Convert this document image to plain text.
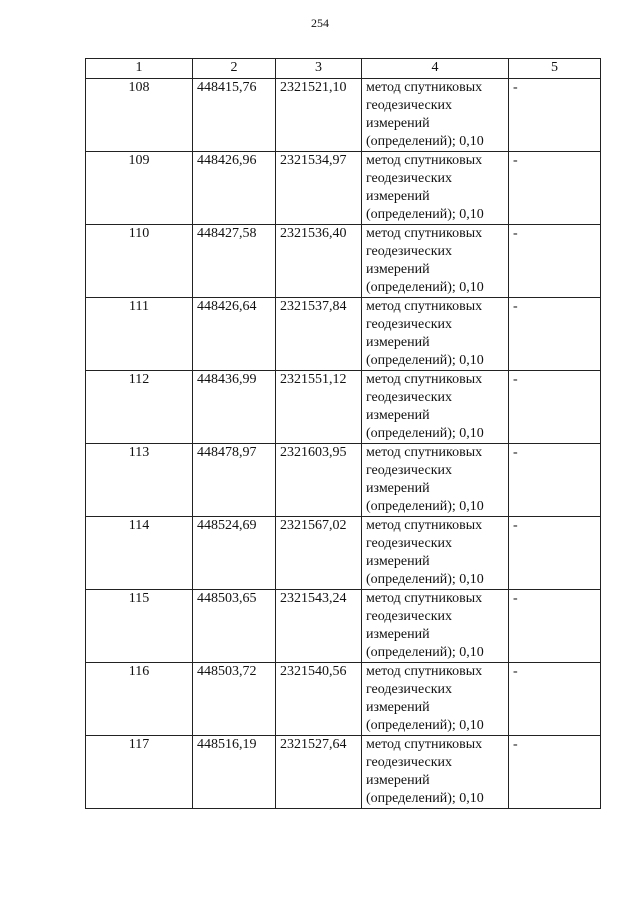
254
1	2	3	4	5
108	448415,76	2321521,10	метод спутниковых геодезических измерений (определений); 0,10	-
109	448426,96	2321534,97	метод спутниковых геодезических измерений (определений); 0,10	-
110	448427,58	2321536,40	метод спутниковых геодезических измерений (определений); 0,10	-
111	448426,64	2321537,84	метод спутниковых геодезических измерений (определений); 0,10	-
112	448436,99	2321551,12	метод спутниковых геодезических измерений (определений); 0,10	-
113	448478,97	2321603,95	метод спутниковых геодезических измерений (определений); 0,10	-
114	448524,69	2321567,02	метод спутниковых геодезических измерений (определений); 0,10	-
115	448503,65	2321543,24	метод спутниковых геодезических измерений (определений); 0,10	-
116	448503,72	2321540,56	метод спутниковых геодезических измерений (определений); 0,10	-
117	448516,19	2321527,64	метод спутниковых геодезических измерений (определений); 0,10	-
